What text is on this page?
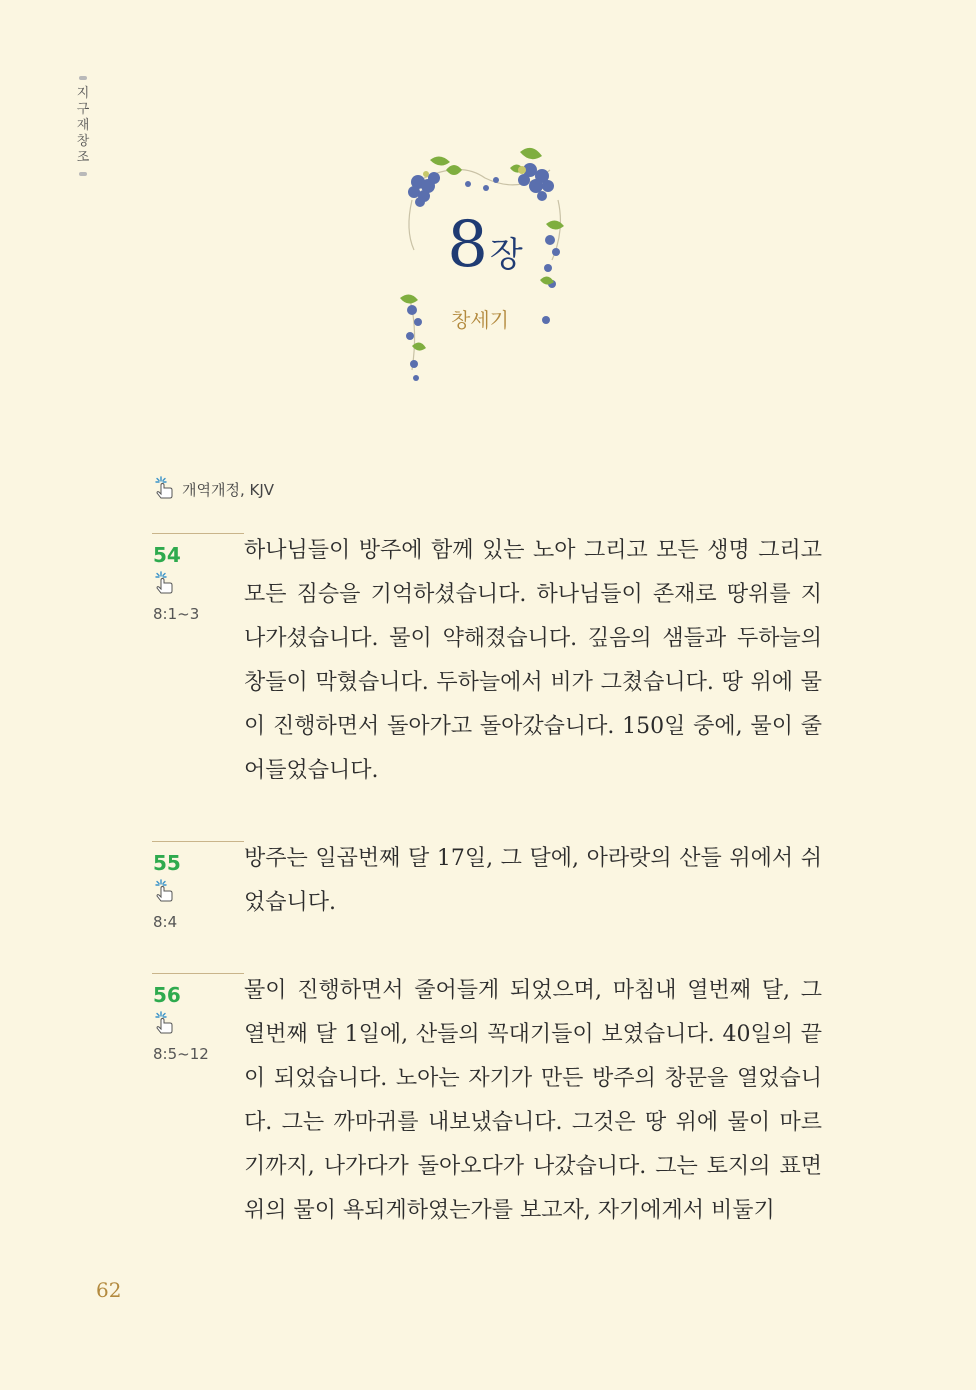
지구재창조
8 장
창세기
개역개정, KJV
54
8:1~3

하나님들이 방주에 함께 있는 노아 그리고 모든 생명 그리고 모든 짐승을 기억하셨습니다. 하나님들이 존재로 땅위를 지나가셨습니다. 물이 약해졌습니다. 깊음의 샘들과 두하늘의 창들이 막혔습니다. 두하늘에서 비가 그쳤습니다. 땅 위에 물이 진행하면서 돌아가고 돌아갔습니다. 150일 중에, 물이 줄어들었습니다.

55
8:4

방주는 일곱번째 달 17일, 그 달에, 아라랏의 산들 위에서 쉬었습니다.

56
8:5~12

물이 진행하면서 줄어들게 되었으며, 마침내 열번째 달, 그 열번째 달 1일에, 산들의 꼭대기들이 보였습니다. 40일의 끝이 되었습니다. 노아는 자기가 만든 방주의 창문을 열었습니다. 그는 까마귀를 내보냈습니다. 그것은 땅 위에 물이 마르기까지, 나가다가 돌아오다가 나갔습니다. 그는 토지의 표면 위의 물이 욕되게하였는가를 보고자, 자기에게서 비둘기

62
